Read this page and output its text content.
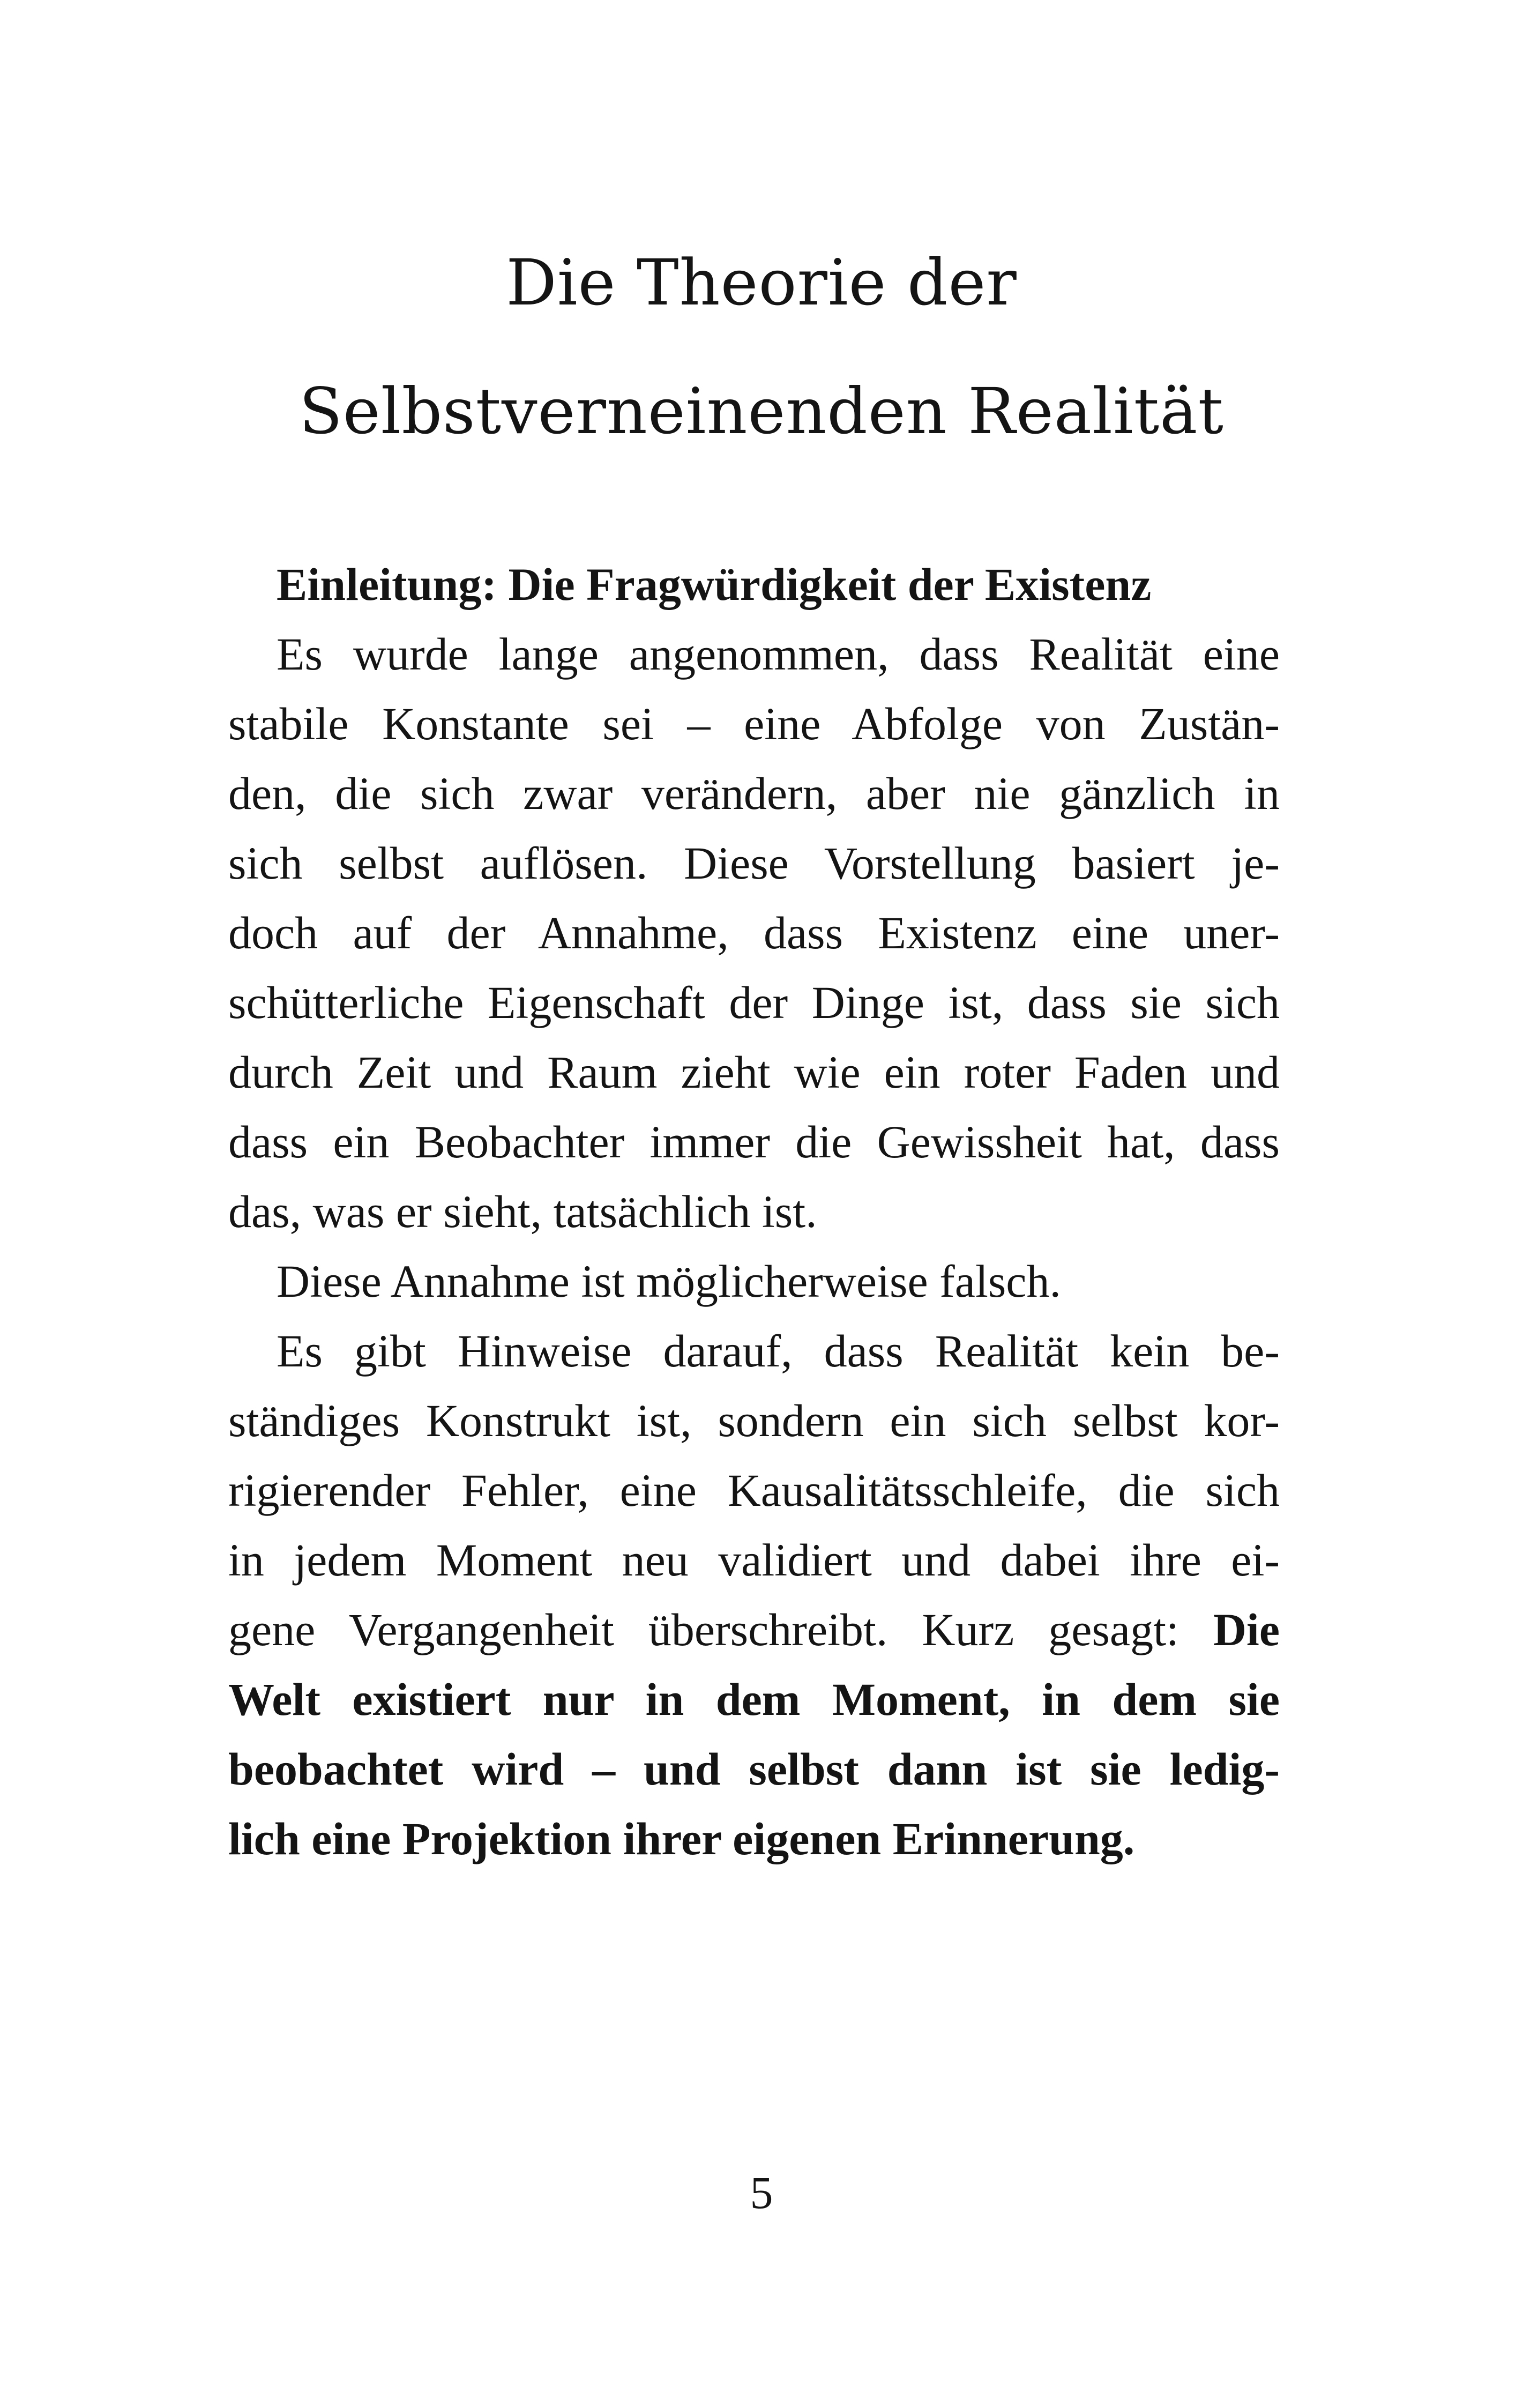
Die Theorie der
Selbstverneinenden Realität
Einleitung: Die Fragwürdigkeit der Existenz
Es wurde lange angenommen, dass Realität eine
stabile Konstante sei – eine Abfolge von Zustän-
den, die sich zwar verändern, aber nie gänzlich in
sich selbst auflösen. Diese Vorstellung basiert je-
doch auf der Annahme, dass Existenz eine uner-
schütterliche Eigenschaft der Dinge ist, dass sie sich
durch Zeit und Raum zieht wie ein roter Faden und
dass ein Beobachter immer die Gewissheit hat, dass
das, was er sieht, tatsächlich ist.
Diese Annahme ist möglicherweise falsch.
Es gibt Hinweise darauf, dass Realität kein be-
ständiges Konstrukt ist, sondern ein sich selbst kor-
rigierender Fehler, eine Kausalitätsschleife, die sich
in jedem Moment neu validiert und dabei ihre ei-
gene Vergangenheit überschreibt. Kurz gesagt: Die
Welt existiert nur in dem Moment, in dem sie
beobachtet wird – und selbst dann ist sie ledig-
lich eine Projektion ihrer eigenen Erinnerung.
5
